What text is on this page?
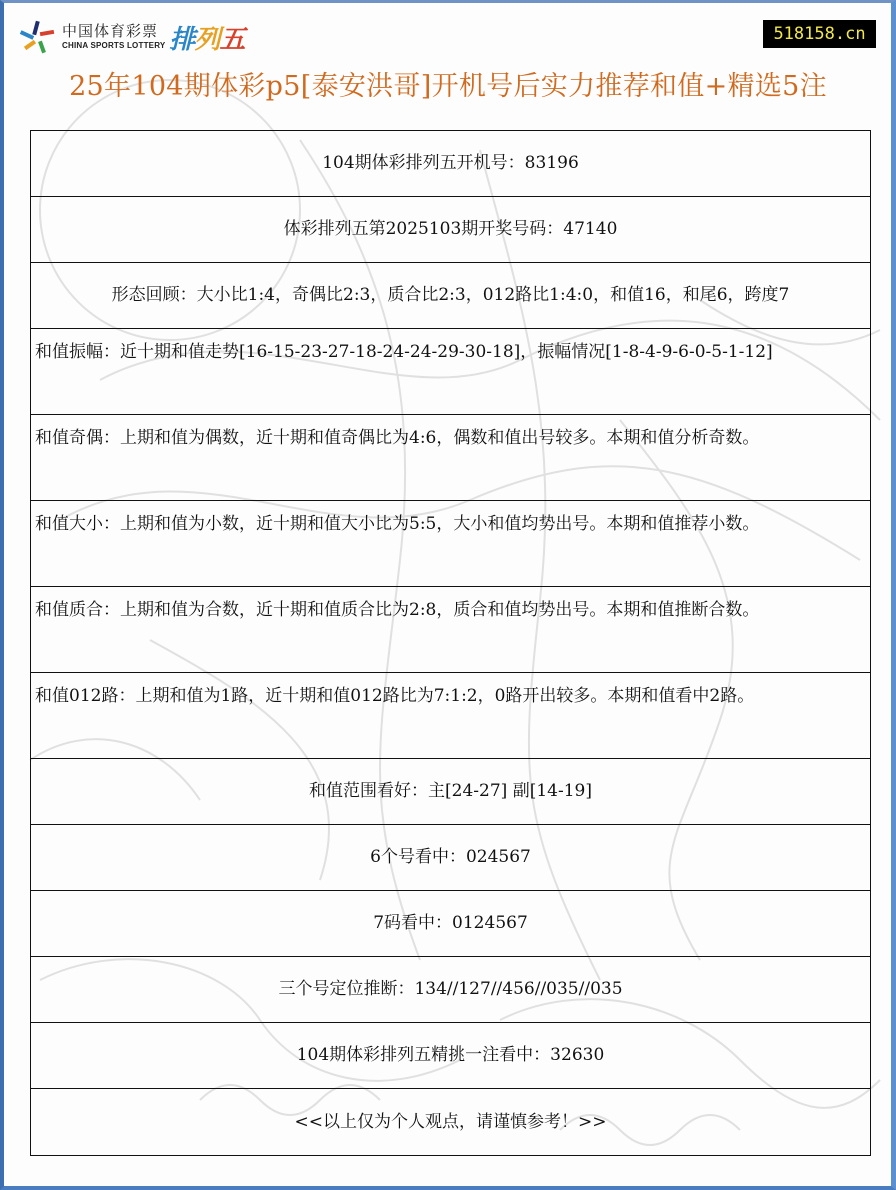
中国体育彩票
CHINA SPORTS LOTTERY 排列五	518158.cn
25年104期体彩p5[泰安洪哥]开机号后实力推荐和值+精选5注
104期体彩排列五开机号：83196
体彩排列五第2025103期开奖号码：47140
形态回顾：大小比1:4，奇偶比2:3，质合比2:3，012路比1:4:0，和值16，和尾6，跨度7
和值振幅：近十期和值走势[16-15-23-27-18-24-24-29-30-18]，振幅情况[1-8-4-9-6-0-5-1-12]
和值奇偶：上期和值为偶数，近十期和值奇偶比为4:6，偶数和值出号较多。本期和值分析奇数。
和值大小：上期和值为小数，近十期和值大小比为5:5，大小和值均势出号。本期和值推荐小数。
和值质合：上期和值为合数，近十期和值质合比为2:8，质合和值均势出号。本期和值推断合数。
和值012路：上期和值为1路，近十期和值012路比为7:1:2，0路开出较多。本期和值看中2路。
和值范围看好：主[24-27] 副[14-19]
6个号看中：024567
7码看中：0124567
三个号定位推断：134//127//456//035//035
104期体彩排列五精挑一注看中：32630
<<以上仅为个人观点，请谨慎参考！>>
